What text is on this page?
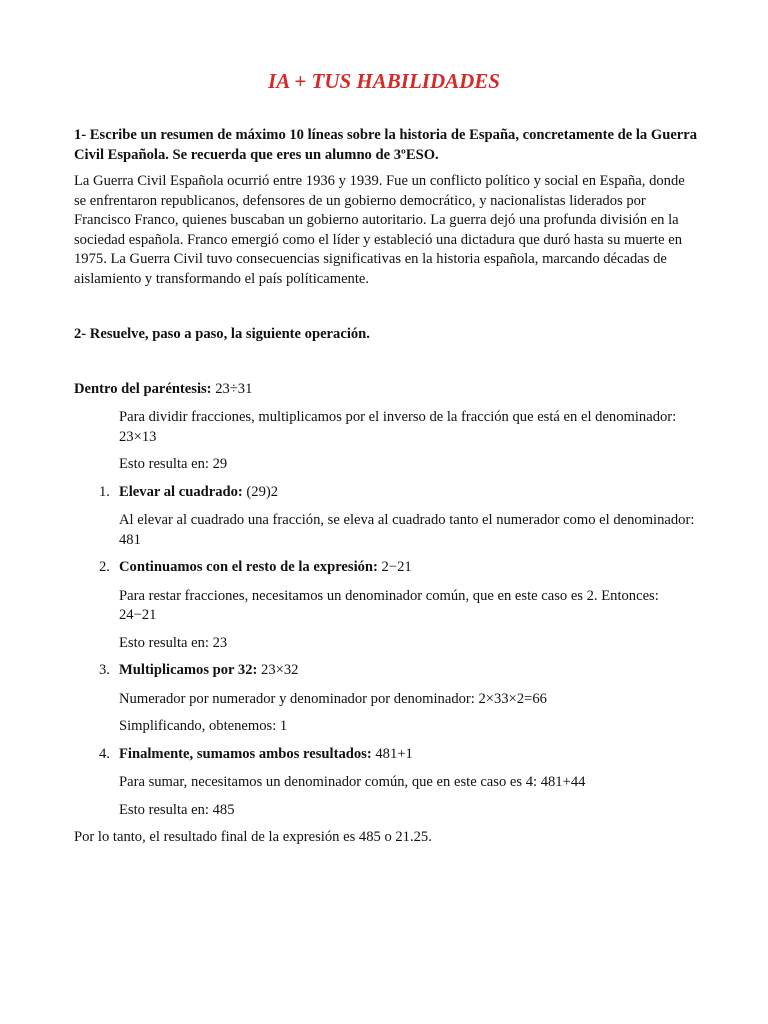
IA + TUS HABILIDADES

1- Escribe un resumen de máximo 10 líneas sobre la historia de España, concretamente de la Guerra Civil Española. Se recuerda que eres un alumno de 3ºESO.

La Guerra Civil Española ocurrió entre 1936 y 1939. Fue un conflicto político y social en España, donde se enfrentaron republicanos, defensores de un gobierno democrático, y nacionalistas liderados por Francisco Franco, quienes buscaban un gobierno autoritario. La guerra dejó una profunda división en la sociedad española. Franco emergió como el líder y estableció una dictadura que duró hasta su muerte en 1975. La Guerra Civil tuvo consecuencias significativas en la historia española, marcando décadas de aislamiento y transformando el país políticamente.

2- Resuelve, paso a paso, la siguiente operación.

Dentro del paréntesis: 23÷31

Para dividir fracciones, multiplicamos por el inverso de la fracción que está en el denominador: 23×13

Esto resulta en: 29

1. Elevar al cuadrado: (29)2

Al elevar al cuadrado una fracción, se eleva al cuadrado tanto el numerador como el denominador: 481

2. Continuamos con el resto de la expresión: 2−21

Para restar fracciones, necesitamos un denominador común, que en este caso es 2. Entonces: 24−21

Esto resulta en: 23

3. Multiplicamos por 32: 23×32

Numerador por numerador y denominador por denominador: 2×33×2=66

Simplificando, obtenemos: 1

4. Finalmente, sumamos ambos resultados: 481+1

Para sumar, necesitamos un denominador común, que en este caso es 4: 481+44

Esto resulta en: 485

Por lo tanto, el resultado final de la expresión es 485 o 21.25.
